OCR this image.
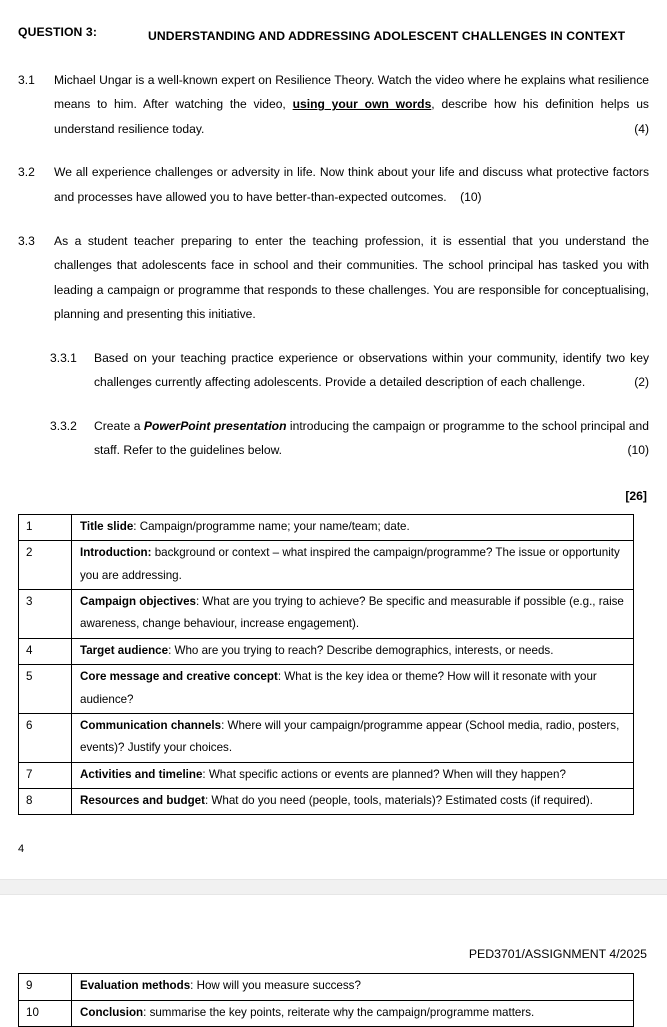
QUESTION 3:	UNDERSTANDING AND ADDRESSING ADOLESCENT CHALLENGES IN CONTEXT
3.1	Michael Ungar is a well-known expert on Resilience Theory. Watch the video where he explains what resilience means to him. After watching the video, using your own words, describe how his definition helps us understand resilience today.	(4)
3.2	We all experience challenges or adversity in life. Now think about your life and discuss what protective factors and processes have allowed you to have better-than-expected outcomes. (10)
3.3	As a student teacher preparing to enter the teaching profession, it is essential that you understand the challenges that adolescents face in school and their communities. The school principal has tasked you with leading a campaign or programme that responds to these challenges. You are responsible for conceptualising, planning and presenting this initiative.
3.3.1	Based on your teaching practice experience or observations within your community, identify two key challenges currently affecting adolescents. Provide a detailed description of each challenge.	(2)
3.3.2	Create a PowerPoint presentation introducing the campaign or programme to the school principal and staff. Refer to the guidelines below.	(10)
[26]
1	Title slide: Campaign/programme name; your name/team; date.
2	Introduction: background or context – what inspired the campaign/programme? The issue or opportunity you are addressing.
3	Campaign objectives: What are you trying to achieve? Be specific and measurable if possible (e.g., raise awareness, change behaviour, increase engagement).
4	Target audience: Who are you trying to reach? Describe demographics, interests, or needs.
5	Core message and creative concept: What is the key idea or theme? How will it resonate with your audience?
6	Communication channels: Where will your campaign/programme appear (School media, radio, posters, events)? Justify your choices.
7	Activities and timeline: What specific actions or events are planned? When will they happen?
8	Resources and budget: What do you need (people, tools, materials)? Estimated costs (if required).
4
PED3701/ASSIGNMENT 4/2025
9	Evaluation methods: How will you measure success?
10	Conclusion: summarise the key points, reiterate why the campaign/programme matters.
